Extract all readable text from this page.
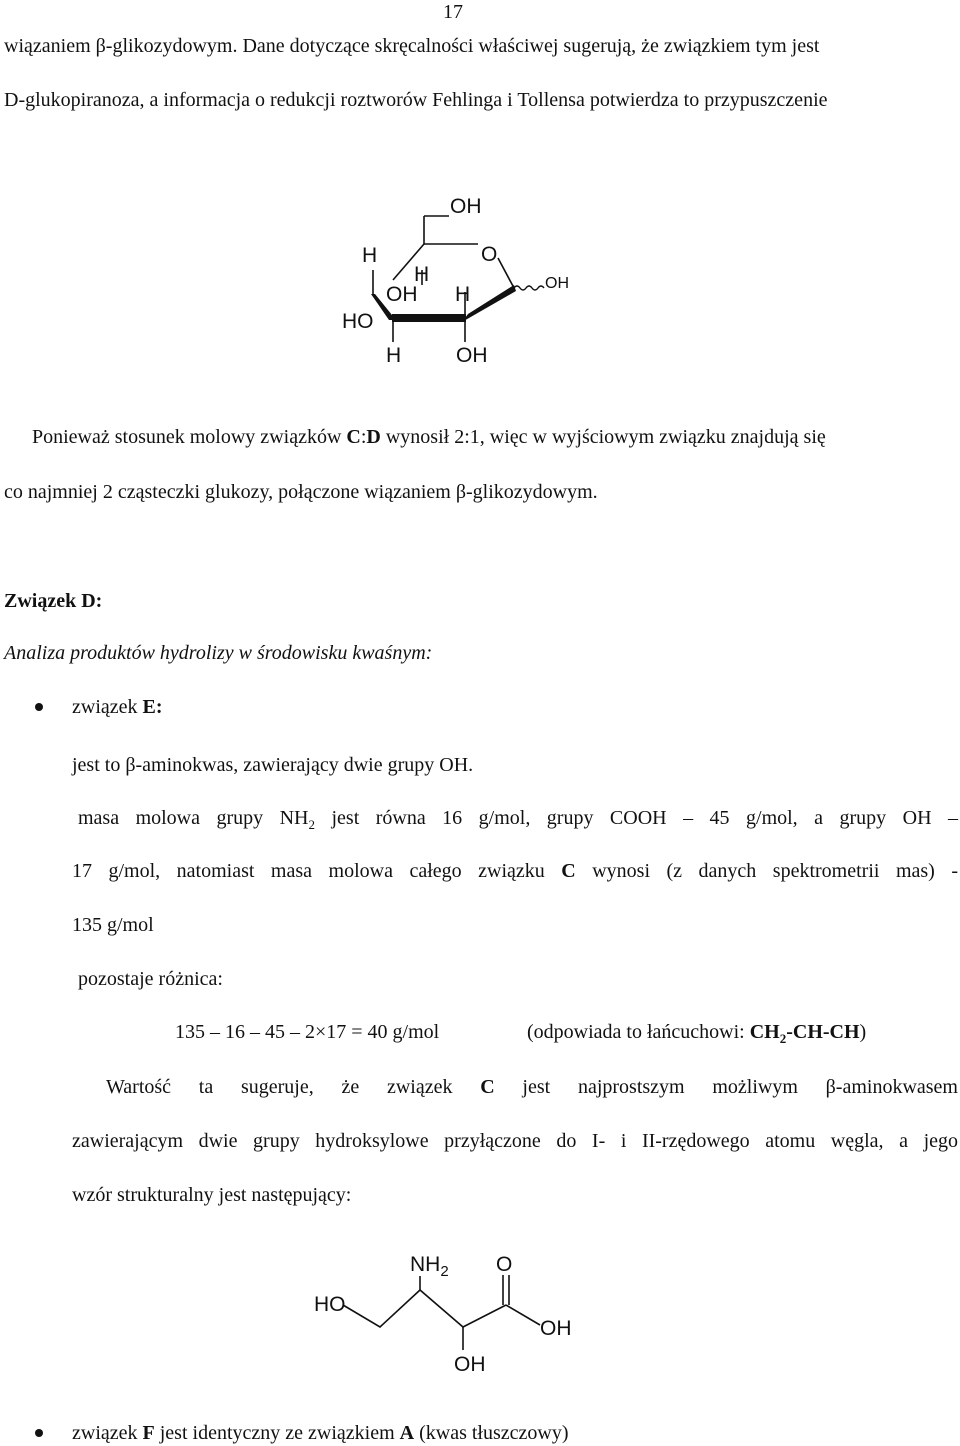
17
wiązaniem β-glikozydowym. Dane dotyczące skręcalności właściwej sugerują, że związkiem tym jest
D-glukopiranoza, a informacja o redukcji roztworów Fehlinga i Tollensa potwierdza to przypuszczenie
OH
O
H
H
OH H	OH
HO
H	OH
Ponieważ stosunek molowy związków C:D wynosił 2:1, więc w wyjściowym związku znajdują się
co najmniej 2 cząsteczki glukozy, połączone wiązaniem β-glikozydowym.
Związek D:
Analiza produktów hydrolizy w środowisku kwaśnym:
związek E:
jest to β-aminokwas, zawierający dwie grupy OH.
masa molowa grupy $NH_2$ jest równa 16 g/mol, grupy COOH – 45 g/mol, a grupy OH –
17 g/mol, natomiast masa molowa całego związku C wynosi (z danych spektrometrii mas) -
135 g/mol
pozostaje różnica:
135 – 16 – 45 – 2×17 = 40 g/mol	(odpowiada to łańcuchowi: $CH_2-CH-CH$)
Wartość ta sugeruje, że związek C jest najprostszym możliwym β-aminokwasem
zawierającym dwie grupy hydroksylowe przyłączone do I- i II-rzędowego atomu węgla, a jego
wzór strukturalny jest następujący:
$NH_2$ O
HO
OH
OH
związek F jest identyczny ze związkiem A (kwas tłuszczowy)
